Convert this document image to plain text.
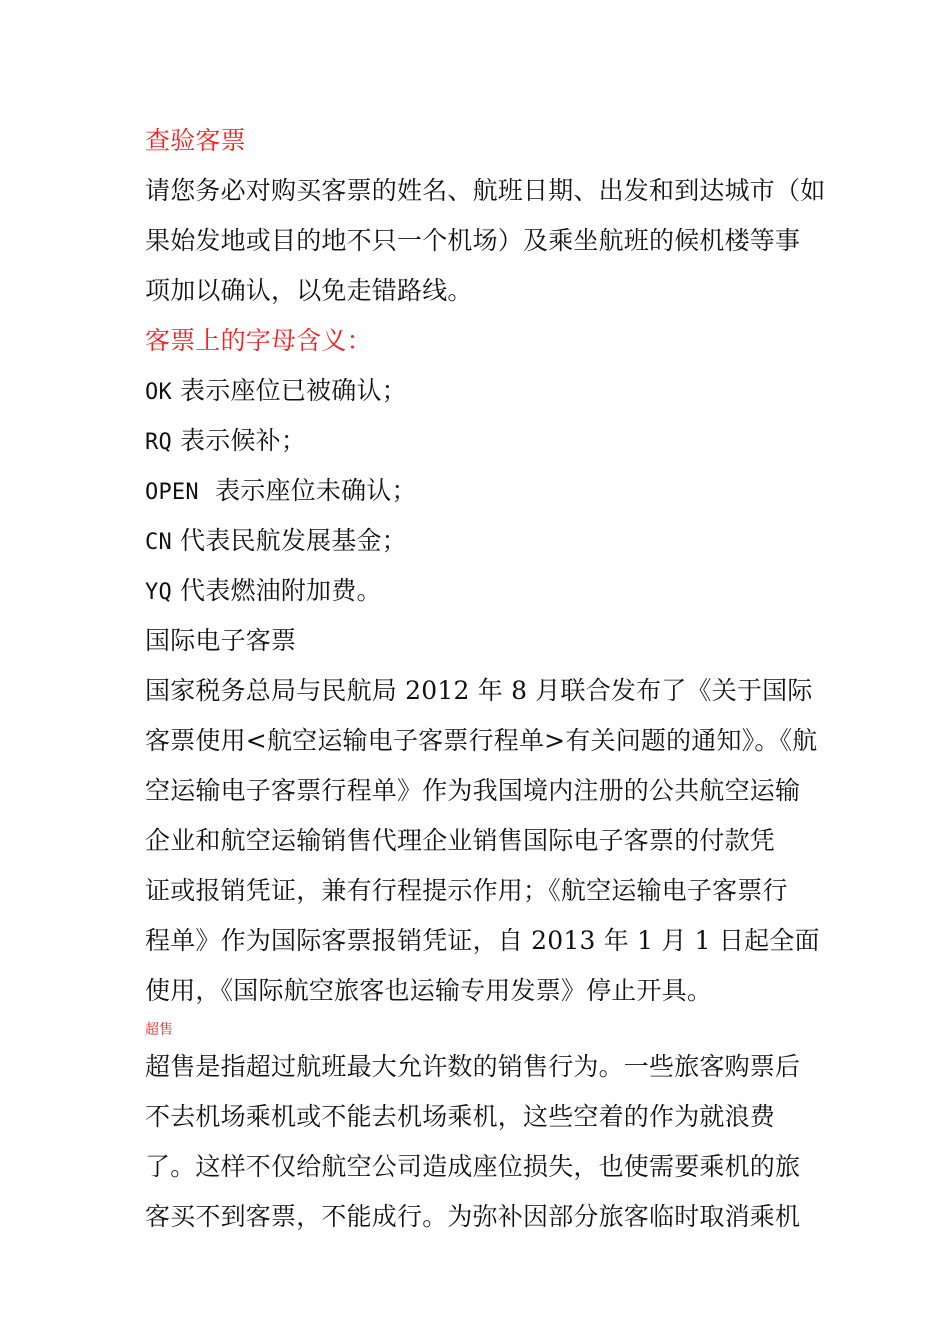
查验客票
请您务必对购买客票的姓名、航班日期、出发和到达城市（如
果始发地或目的地不只一个机场）及乘坐航班的候机楼等事
项加以确认，以免走错路线。
客票上的字母含义：
OK 表示座位已被确认；
RQ 表示候补；
OPEN  表示座位未确认；
CN 代表民航发展基金；
YQ 代表燃油附加费。
国际电子客票
国家税务总局与民航局 2012 年 8 月联合发布了《关于国际
客票使用<航空运输电子客票行程单>有关问题的通知》。《航
空运输电子客票行程单》作为我国境内注册的公共航空运输
企业和航空运输销售代理企业销售国际电子客票的付款凭
证或报销凭证，兼有行程提示作用；《航空运输电子客票行
程单》作为国际客票报销凭证，自 2013 年 1 月 1 日起全面
使用，《国际航空旅客也运输专用发票》停止开具。
超售
超售是指超过航班最大允许数的销售行为。一些旅客购票后
不去机场乘机或不能去机场乘机，这些空着的作为就浪费
了。这样不仅给航空公司造成座位损失，也使需要乘机的旅
客买不到客票，不能成行。为弥补因部分旅客临时取消乘机
